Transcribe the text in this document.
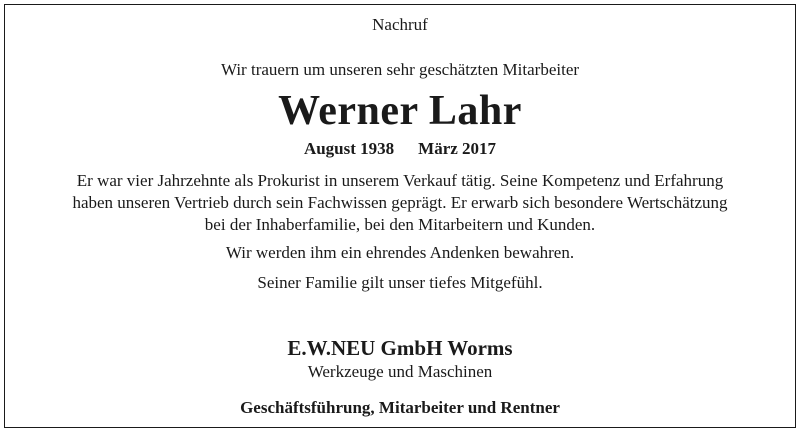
Nachruf
Wir trauern um unseren sehr geschätzten Mitarbeiter
Werner Lahr
August 1938 März 2017
Er war vier Jahrzehnte als Prokurist in unserem Verkauf tätig. Seine Kompetenz und Erfahrung
haben unseren Vertrieb durch sein Fachwissen geprägt. Er erwarb sich besondere Wertschätzung
bei der Inhaberfamilie, bei den Mitarbeitern und Kunden.
Wir werden ihm ein ehrendes Andenken bewahren.
Seiner Familie gilt unser tiefes Mitgefühl.
E.W.NEU GmbH Worms
Werkzeuge und Maschinen
Geschäftsführung, Mitarbeiter und Rentner
